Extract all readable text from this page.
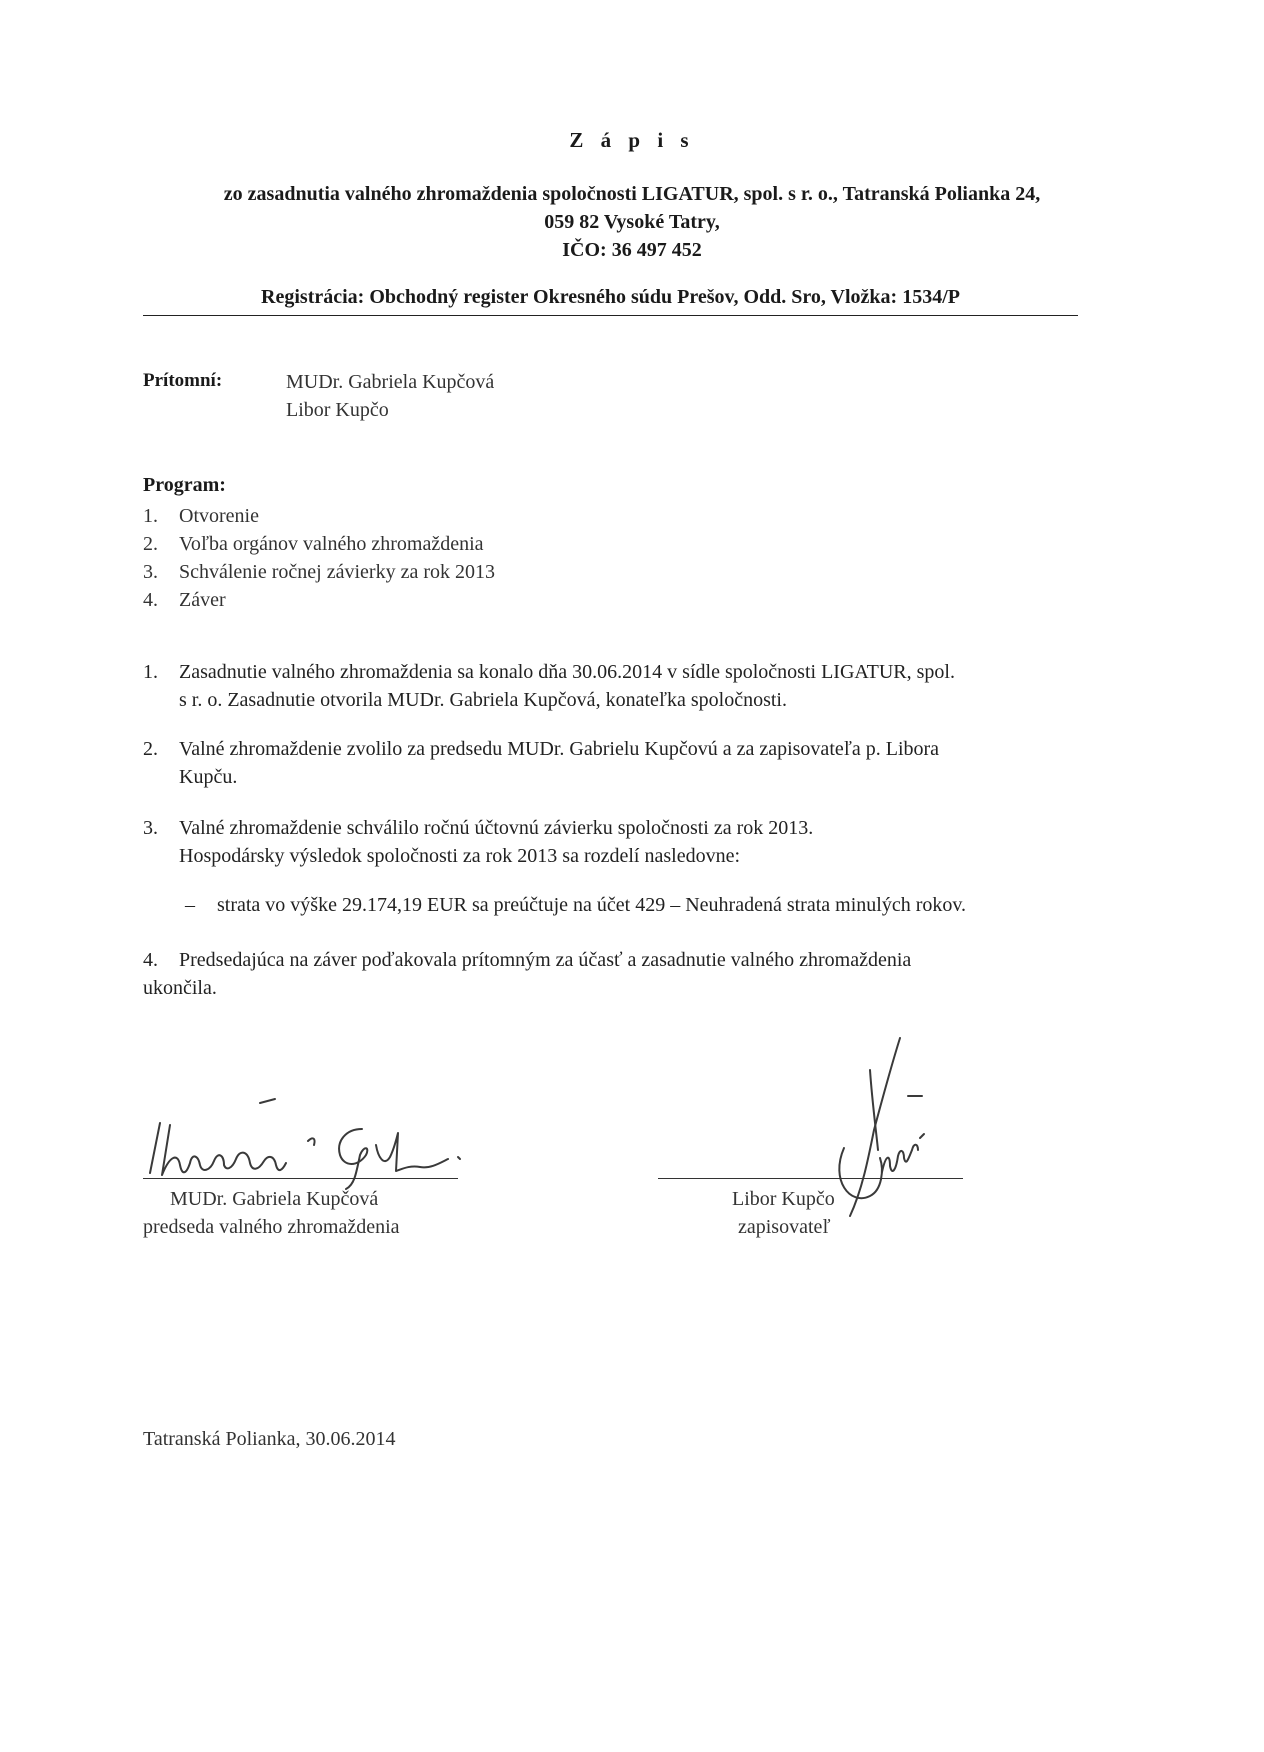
Z á p i s
zo zasadnutia valného zhromaždenia spoločnosti LIGATUR, spol. s r. o., Tatranská Polianka 24,
059 82 Vysoké Tatry,
IČO: 36 497 452
Registrácia: Obchodný register Okresného súdu Prešov, Odd. Sro, Vložka: 1534/P
Prítomní:	MUDr. Gabriela Kupčová
Libor Kupčo
Program:
1. Otvorenie
2. Voľba orgánov valného zhromaždenia
3. Schválenie ročnej závierky za rok 2013
4. Záver
1. Zasadnutie valného zhromaždenia sa konalo dňa 30.06.2014 v sídle spoločnosti LIGATUR, spol.
s r. o. Zasadnutie otvorila MUDr. Gabriela Kupčová, konateľka spoločnosti.
2. Valné zhromaždenie zvolilo za predsedu MUDr. Gabrielu Kupčovú a za zapisovateľa p. Libora
Kupču.
3. Valné zhromaždenie schválilo ročnú účtovnú závierku spoločnosti za rok 2013.
Hospodársky výsledok spoločnosti za rok 2013 sa rozdelí nasledovne:
– strata vo výške 29.174,19 EUR sa preúčtuje na účet 429 – Neuhradená strata minulých rokov.
4. Predsedajúca na záver poďakovala prítomným za účasť a zasadnutie valného zhromaždenia
ukončila.
MUDr. Gabriela Kupčová
predseda valného zhromaždenia
Libor Kupčo
zapisovateľ
Tatranská Polianka, 30.06.2014
